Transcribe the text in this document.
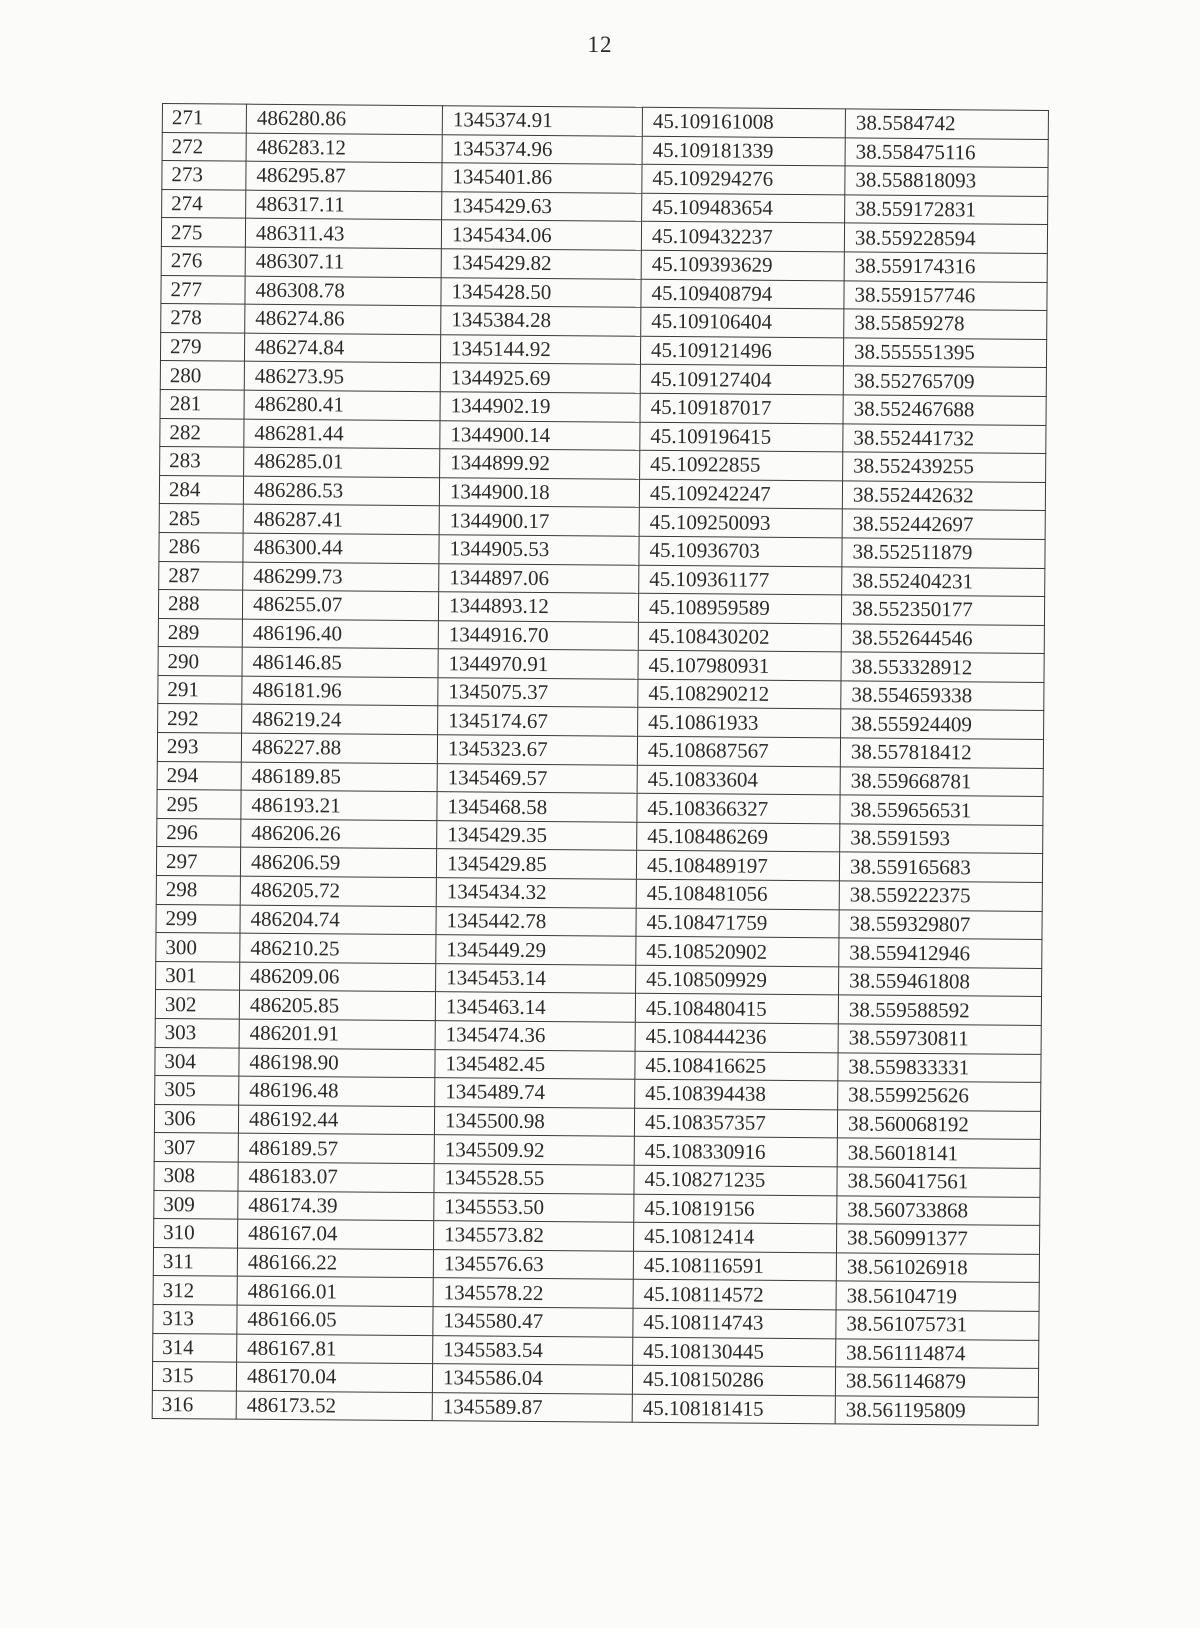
12
271	486280.86	1345374.91	45.109161008	38.5584742
272	486283.12	1345374.96	45.109181339	38.558475116
273	486295.87	1345401.86	45.109294276	38.558818093
274	486317.11	1345429.63	45.109483654	38.559172831
275	486311.43	1345434.06	45.109432237	38.559228594
276	486307.11	1345429.82	45.109393629	38.559174316
277	486308.78	1345428.50	45.109408794	38.559157746
278	486274.86	1345384.28	45.109106404	38.55859278
279	486274.84	1345144.92	45.109121496	38.555551395
280	486273.95	1344925.69	45.109127404	38.552765709
281	486280.41	1344902.19	45.109187017	38.552467688
282	486281.44	1344900.14	45.109196415	38.552441732
283	486285.01	1344899.92	45.10922855	38.552439255
284	486286.53	1344900.18	45.109242247	38.552442632
285	486287.41	1344900.17	45.109250093	38.552442697
286	486300.44	1344905.53	45.10936703	38.552511879
287	486299.73	1344897.06	45.109361177	38.552404231
288	486255.07	1344893.12	45.108959589	38.552350177
289	486196.40	1344916.70	45.108430202	38.552644546
290	486146.85	1344970.91	45.107980931	38.553328912
291	486181.96	1345075.37	45.108290212	38.554659338
292	486219.24	1345174.67	45.10861933	38.555924409
293	486227.88	1345323.67	45.108687567	38.557818412
294	486189.85	1345469.57	45.10833604	38.559668781
295	486193.21	1345468.58	45.108366327	38.559656531
296	486206.26	1345429.35	45.108486269	38.5591593
297	486206.59	1345429.85	45.108489197	38.559165683
298	486205.72	1345434.32	45.108481056	38.559222375
299	486204.74	1345442.78	45.108471759	38.559329807
300	486210.25	1345449.29	45.108520902	38.559412946
301	486209.06	1345453.14	45.108509929	38.559461808
302	486205.85	1345463.14	45.108480415	38.559588592
303	486201.91	1345474.36	45.108444236	38.559730811
304	486198.90	1345482.45	45.108416625	38.559833331
305	486196.48	1345489.74	45.108394438	38.559925626
306	486192.44	1345500.98	45.108357357	38.560068192
307	486189.57	1345509.92	45.108330916	38.56018141
308	486183.07	1345528.55	45.108271235	38.560417561
309	486174.39	1345553.50	45.10819156	38.560733868
310	486167.04	1345573.82	45.10812414	38.560991377
311	486166.22	1345576.63	45.108116591	38.561026918
312	486166.01	1345578.22	45.108114572	38.56104719
313	486166.05	1345580.47	45.108114743	38.561075731
314	486167.81	1345583.54	45.108130445	38.561114874
315	486170.04	1345586.04	45.108150286	38.561146879
316	486173.52	1345589.87	45.108181415	38.561195809
